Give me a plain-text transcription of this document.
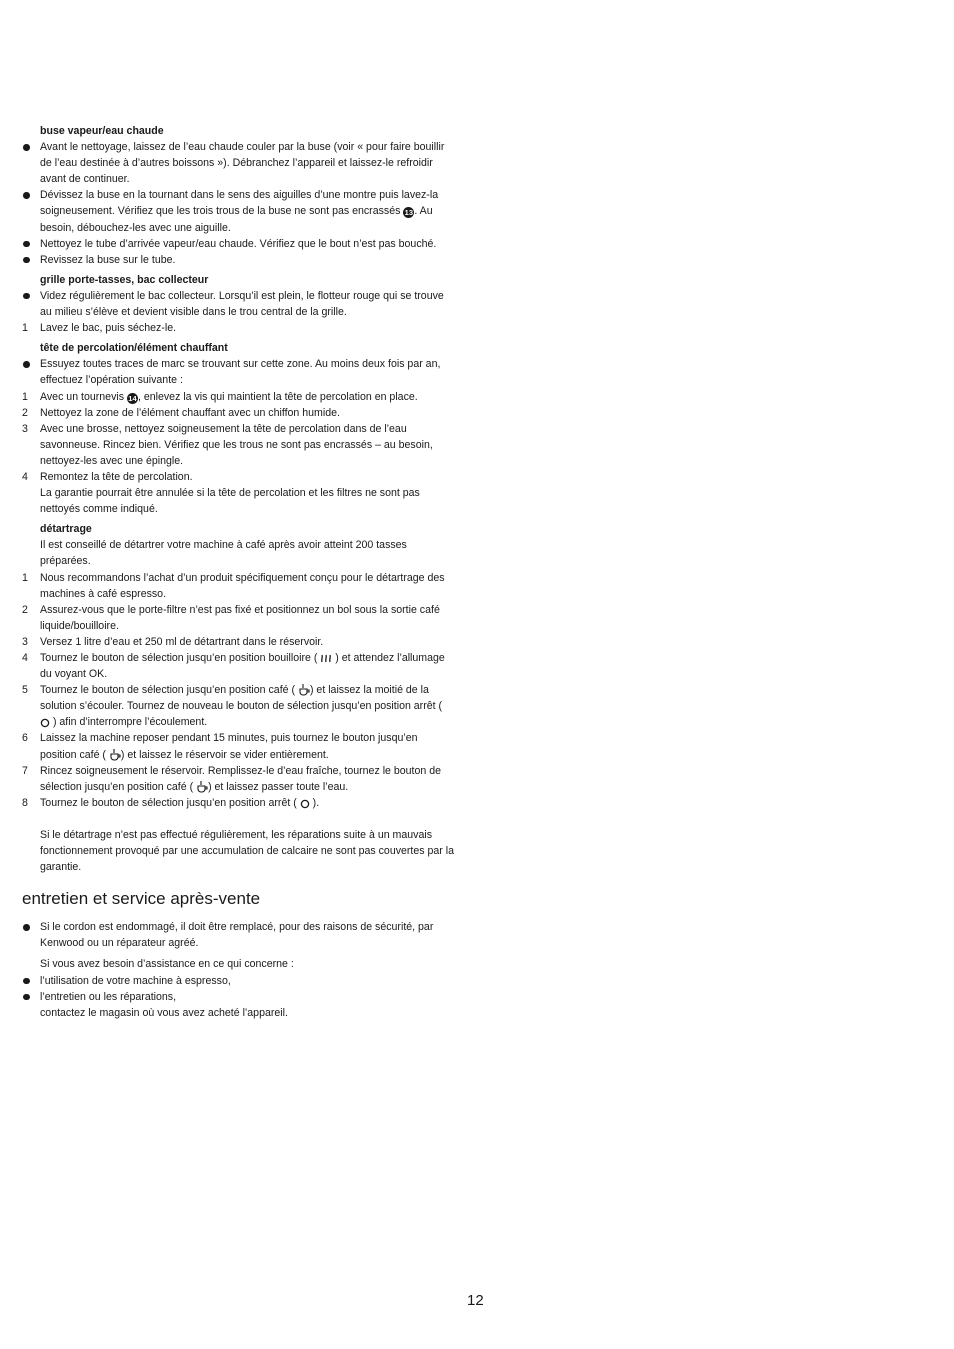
buse vapeur/eau chaude
Avant le nettoyage, laissez de l’eau chaude couler par la buse (voir « pour faire bouillir de l’eau destinée à d’autres boissons »). Débranchez l’appareil et laissez-le refroidir avant de continuer.
Dévissez la buse en la tournant dans le sens des aiguilles d’une montre puis lavez-la soigneusement. Vérifiez que les trois trous de la buse ne sont pas encrassés 13. Au besoin, débouchez-les avec une aiguille.
Nettoyez le tube d’arrivée vapeur/eau chaude. Vérifiez que le bout n’est pas bouché.
Revissez la buse sur le tube.
grille porte-tasses, bac collecteur
Videz régulièrement le bac collecteur. Lorsqu’il est plein, le flotteur rouge qui se trouve au milieu s’élève et devient visible dans le trou central de la grille.
1	Lavez le bac, puis séchez-le.
tête de percolation/élément chauffant
Essuyez toutes traces de marc se trouvant sur cette zone. Au moins deux fois par an, effectuez l’opération suivante :
1	Avec un tournevis 14, enlevez la vis qui maintient la tête de percolation en place.
2	Nettoyez la zone de l’élément chauffant avec un chiffon humide.
3	Avec une brosse, nettoyez soigneusement la tête de percolation dans de l’eau savonneuse. Rincez bien. Vérifiez que les trous ne sont pas encrassés – au besoin, nettoyez-les avec une épingle.
4	Remontez la tête de percolation.
La garantie pourrait être annulée si la tête de percolation et les filtres ne sont pas nettoyés comme indiqué.
détartrage
Il est conseillé de détartrer votre machine à café après avoir atteint 200 tasses préparées.
1	Nous recommandons l’achat d’un produit spécifiquement conçu pour le détartrage des machines à café espresso.
2	Assurez-vous que le porte-filtre n’est pas fixé et positionnez un bol sous la sortie café liquide/bouilloire.
3	Versez 1 litre d’eau et 250 ml de détartrant dans le réservoir.
4	Tournez le bouton de sélection jusqu’en position bouilloire (  ) et attendez l’allumage du voyant OK.
5	Tournez le bouton de sélection jusqu’en position café ( ) et laissez la moitié de la solution s’écouler. Tournez de nouveau le bouton de sélection jusqu’en position arrêt (  ) afin d’interrompre l’écoulement.
6	Laissez la machine reposer pendant 15 minutes, puis tournez le bouton jusqu’en position café ( ) et laissez le réservoir se vider entièrement.
7	Rincez soigneusement le réservoir. Remplissez-le d’eau fraîche, tournez le bouton de sélection jusqu’en position café ( ) et laissez passer toute l’eau.
8	Tournez le bouton de sélection jusqu’en position arrêt (  ).
Si le détartrage n’est pas effectué régulièrement, les réparations suite à un mauvais fonctionnement provoqué par une accumulation de calcaire ne sont pas couvertes par la garantie.
entretien et service après-vente
Si le cordon est endommagé, il doit être remplacé, pour des raisons de sécurité, par Kenwood ou un réparateur agréé.
Si vous avez besoin d’assistance en ce qui concerne :
l’utilisation de votre machine à espresso,
l’entretien ou les réparations,
contactez le magasin où vous avez acheté l’appareil.
12
